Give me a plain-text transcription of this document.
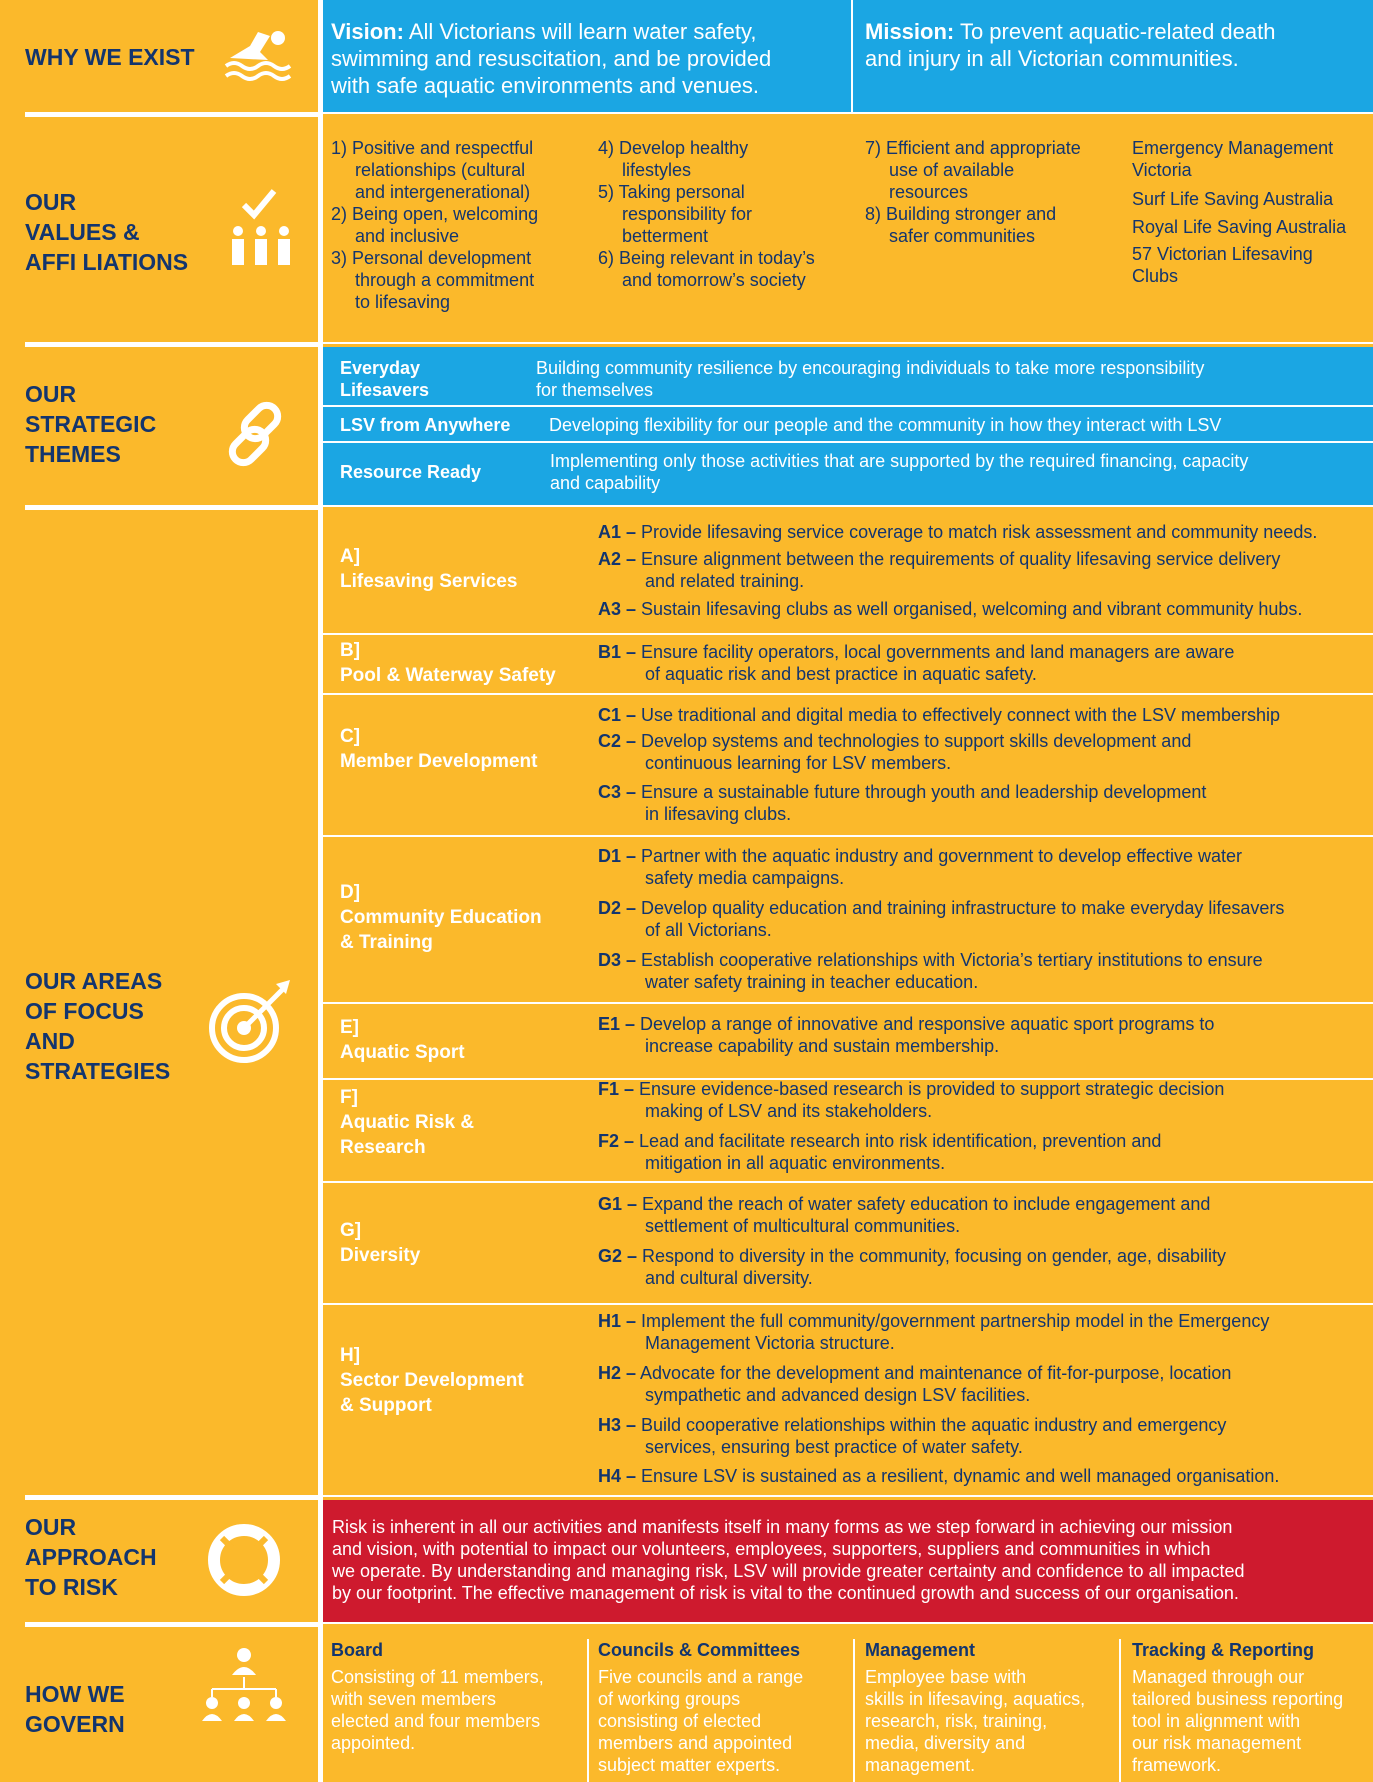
WHY WE EXIST
Vision: All Victorians will learn water safety,
swimming and resuscitation, and be provided
with safe aquatic environments and venues.
Mission: To prevent aquatic-related death
and injury in all Victorian communities.
OUR
VALUES &
AFFI LIATIONS
1) Positive and respectful
relationships (cultural
and intergenerational)
2) Being open, welcoming
and inclusive
3) Personal development
through a commitment
to lifesaving
4) Develop healthy
lifestyles
5) Taking personal
responsibility for
betterment
6) Being relevant in today’s
and tomorrow’s society
7) Efficient and appropriate
use of available
resources
8) Building stronger and
safer communities
Emergency Management
Victoria
Surf Life Saving Australia
Royal Life Saving Australia
57 Victorian Lifesaving
Clubs
OUR
STRATEGIC
THEMES
Everyday
Lifesavers
Building community resilience by encouraging individuals to take more responsibility
for themselves
LSV from Anywhere Developing flexibility for our people and the community in how they interact with LSV
Resource Ready
Implementing only those activities that are supported by the required financing, capacity
and capability
OUR AREAS
OF FOCUS
AND
STRATEGIES
A]
Lifesaving Services
B]
Pool & Waterway Safety
C]
Member Development
D]
Community Education
& Training
E]
Aquatic Sport
F]
Aquatic Risk &
Research
G]
Diversity
H]
Sector Development
& Support
A1 – Provide lifesaving service coverage to match risk assessment and community needs.
A2 – Ensure alignment between the requirements of quality lifesaving service delivery
and related training.
A3 – Sustain lifesaving clubs as well organised, welcoming and vibrant community hubs.
B1 – Ensure facility operators, local governments and land managers are aware
of aquatic risk and best practice in aquatic safety.
C1 – Use traditional and digital media to effectively connect with the LSV membership
C2 – Develop systems and technologies to support skills development and
continuous learning for LSV members.
C3 – Ensure a sustainable future through youth and leadership development
in lifesaving clubs.
D1 – Partner with the aquatic industry and government to develop effective water
safety media campaigns.
D2 – Develop quality education and training infrastructure to make everyday lifesavers
of all Victorians.
D3 – Establish cooperative relationships with Victoria’s tertiary institutions to ensure
water safety training in teacher education.
E1 – Develop a range of innovative and responsive aquatic sport programs to
increase capability and sustain membership.
F1 – Ensure evidence-based research is provided to support strategic decision
making of LSV and its stakeholders.
F2 – Lead and facilitate research into risk identification, prevention and
mitigation in all aquatic environments.
G1 – Expand the reach of water safety education to include engagement and
settlement of multicultural communities.
G2 – Respond to diversity in the community, focusing on gender, age, disability
and cultural diversity.
H1 – Implement the full community/government partnership model in the Emergency
Management Victoria structure.
H2 – Advocate for the development and maintenance of fit-for-purpose, location
sympathetic and advanced design LSV facilities.
H3 – Build cooperative relationships within the aquatic industry and emergency
services, ensuring best practice of water safety.
H4 – Ensure LSV is sustained as a resilient, dynamic and well managed organisation.
OUR
APPROACH
TO RISK
Risk is inherent in all our activities and manifests itself in many forms as we step forward in achieving our mission
and vision, with potential to impact our volunteers, employees, supporters, suppliers and communities in which
we operate. By understanding and managing risk, LSV will provide greater certainty and confidence to all impacted
by our footprint. The effective management of risk is vital to the continued growth and success of our organisation.
HOW WE
GOVERN
Board
Consisting of 11 members,
with seven members
elected and four members
appointed.
Councils & Committees
Five councils and a range
of working groups
consisting of elected
members and appointed
subject matter experts.
Management
Employee base with
skills in lifesaving, aquatics,
research, risk, training,
media, diversity and
management.
Tracking & Reporting
Managed through our
tailored business reporting
tool in alignment with
our risk management
framework.
